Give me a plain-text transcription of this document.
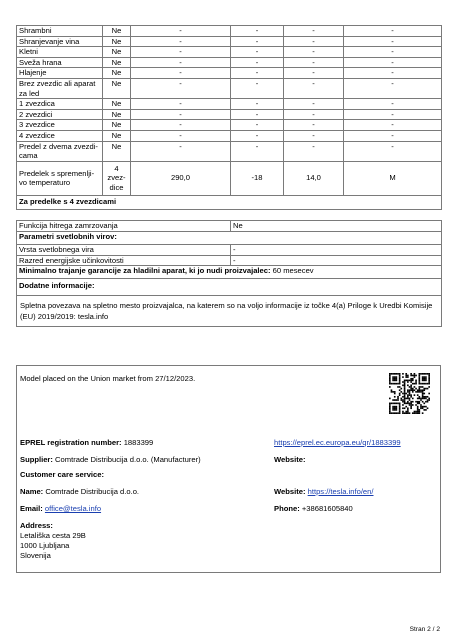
Shrambni	Ne	-	-	-	-
Shranjevanje vina	Ne	-	-	-	-
Kletni	Ne	-	-	-	-
Sveža hrana	Ne	-	-	-	-
Hlajenje	Ne	-	-	-	-
Brez zvezdic ali aparat za led	Ne	-	-	-	-
1 zvezdica	Ne	-	-	-	-
2 zvezdici	Ne	-	-	-	-
3 zvezdice	Ne	-	-	-	-
4 zvezdice	Ne	-	-	-	-
Predel z dvema zvezdi-cama	Ne	-	-	-	-
Predelek s spremenlji-vo temperaturo	4 zvez-dice	290,0	-18	14,0	M
Za predelke s 4 zvezdicami					

Funkcija hitrega zamrzovanja			Ne		
Parametri svetlobnih virov:					
Vrsta svetlobnega vira			-		
Razred energijske učinkovitosti			-		
Minimalno trajanje garancije za hladilni aparat, ki jo nudi proizvajalec: 60 mesecev					
Dodatne informacije:					
Spletna povezava na spletno mesto proizvajalca, na katerem so na voljo informacije iz točke 4(a) Priloge k Uredbi Komisije (EU) 2019/2019: tesla.info					
Model placed on the Union market from 27/12/2023.
EPREL registration number: 1883399	https://eprel.ec.europa.eu/qr/1883399
Supplier: Comtrade Distribucija d.o.o. (Manufacturer)	Website:
Customer care service:
Name: Comtrade Distribucija d.o.o.	Website: https://tesla.info/en/
Email: office@tesla.info	Phone: +38681605840
Address:
Letališka cesta 29B
1000 Ljubljana
Slovenija
Stran 2 / 2
